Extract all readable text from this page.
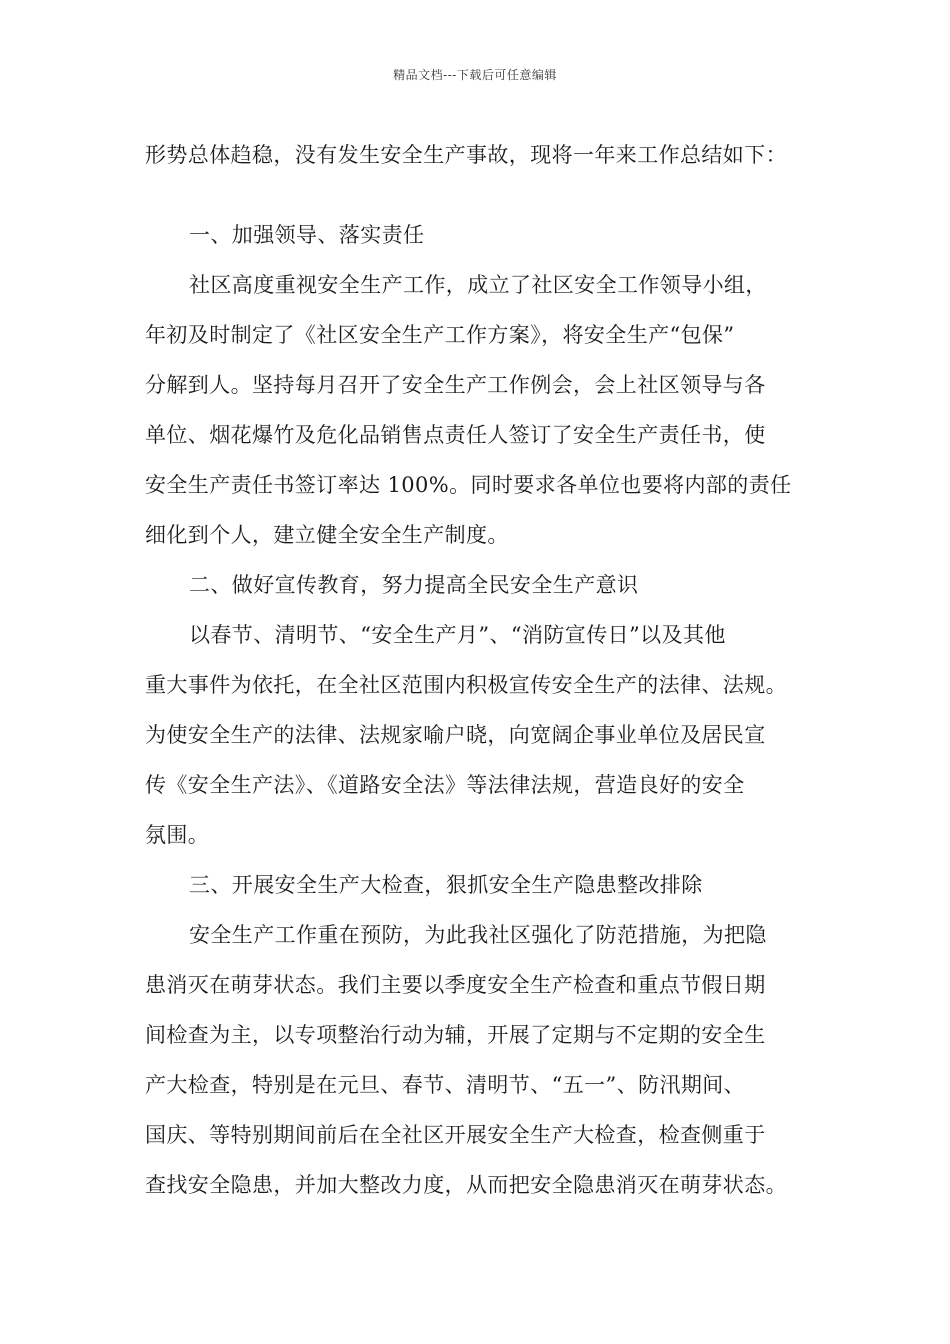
精品文档---下载后可任意编辑
形势总体趋稳，没有发生安全生产事故，现将一年来工作总结如下：
一、加强领导、落实责任
社区高度重视安全生产工作，成立了社区安全工作领导小组，
年初及时制定了《社区安全生产工作方案》，将安全生产“包保”
分解到人。坚持每月召开了安全生产工作例会，会上社区领导与各
单位、烟花爆竹及危化品销售点责任人签订了安全生产责任书，使
安全生产责任书签订率达 100%。同时要求各单位也要将内部的责任
细化到个人，建立健全安全生产制度。
二、做好宣传教育，努力提高全民安全生产意识
以春节、清明节、“安全生产月”、“消防宣传日”以及其他
重大事件为依托，在全社区范围内积极宣传安全生产的法律、法规。
为使安全生产的法律、法规家喻户晓，向宽阔企事业单位及居民宣
传《安全生产法》、《道路安全法》等法律法规，营造良好的安全
氛围。
三、开展安全生产大检查，狠抓安全生产隐患整改排除
安全生产工作重在预防，为此我社区强化了防范措施，为把隐
患消灭在萌芽状态。我们主要以季度安全生产检查和重点节假日期
间检查为主，以专项整治行动为辅，开展了定期与不定期的安全生
产大检查，特别是在元旦、春节、清明节、“五一”、防汛期间、
国庆、等特别期间前后在全社区开展安全生产大检查，检查侧重于
查找安全隐患，并加大整改力度，从而把安全隐患消灭在萌芽状态。
